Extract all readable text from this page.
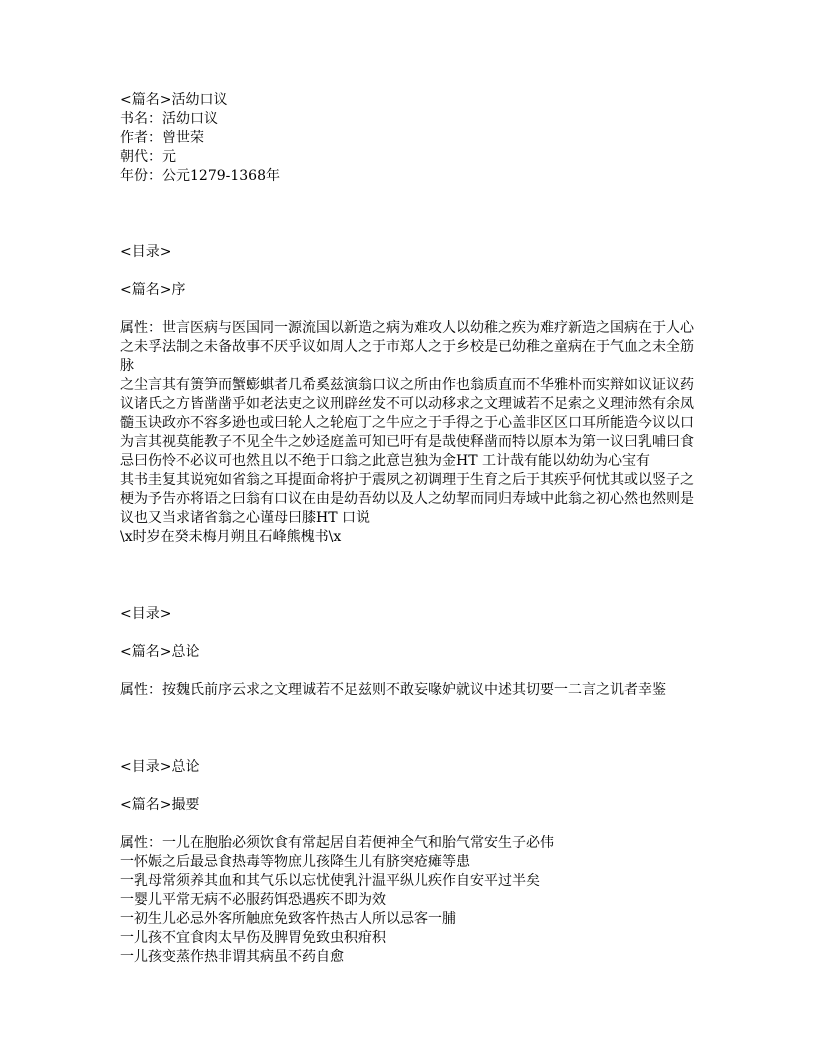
<篇名>活幼口议
书名：活幼口议
作者：曾世荣
朝代：元
年份：公元1279-1368年
<目录>
<篇名>序
属性：世言医病与医国同一源流国以新造之病为难攻人以幼稚之疾为难疗新造之国病在于人心之未孚法制之未备故事不厌乎议如周人之于市郑人之于乡校是已幼稚之童病在于气血之未全筋脉
之尘言其有箦笋而蟹蟛蜞者几希奚兹演翁口议之所由作也翁质直而不华雅朴而实辩如议证议药议诸氏之方皆凿凿乎如老法吏之议刑辟丝发不可以动移求之文理诚若不足索之义理沛然有余凤髓玉诀政亦不容多逊也或曰轮人之轮庖丁之牛应之于手得之于心盖非区区口耳所能造今议以口为言其视莫能教子不见全牛之妙迳庭盖可知已吁有是哉使释凿而特以原本为第一议曰乳哺曰食忌曰伤怜不必议可也然且以不绝于口翁之此意岂独为金HT 工计哉有能以幼幼为心宝有
其书圭复其说宛如省翁之耳提面命将护于震夙之初调理于生育之后于其疾乎何忧其或以竖子之梗为予告亦将语之曰翁有口议在由是幼吾幼以及人之幼挈而同归寿域中此翁之初心然也然则是议也又当求诸省翁之心谨母曰膝HT 口说
\x时岁在癸未梅月朔且石峰熊槐书\x
<目录>
<篇名>总论
属性：按魏氏前序云求之文理诚若不足兹则不敢妄喙妒就议中述其切要一二言之讥者幸鉴
<目录>总论
<篇名>撮要
属性：一儿在胞胎必须饮食有常起居自若便神全气和胎气常安生子必伟
一怀娠之后最忌食热毒等物庶儿孩降生儿有脐突疮瘫等患
一乳母常须养其血和其气乐以忘忧使乳汁温平纵儿疾作自安平过半矣
一婴儿平常无病不必服药饵恐遇疾不即为效
一初生儿必忌外客所触庶免致客忤热古人所以忌客一脯
一儿孩不宜食肉太早伤及脾胃免致虫积疳积
一儿孩变蒸作热非谓其病虽不药自愈
